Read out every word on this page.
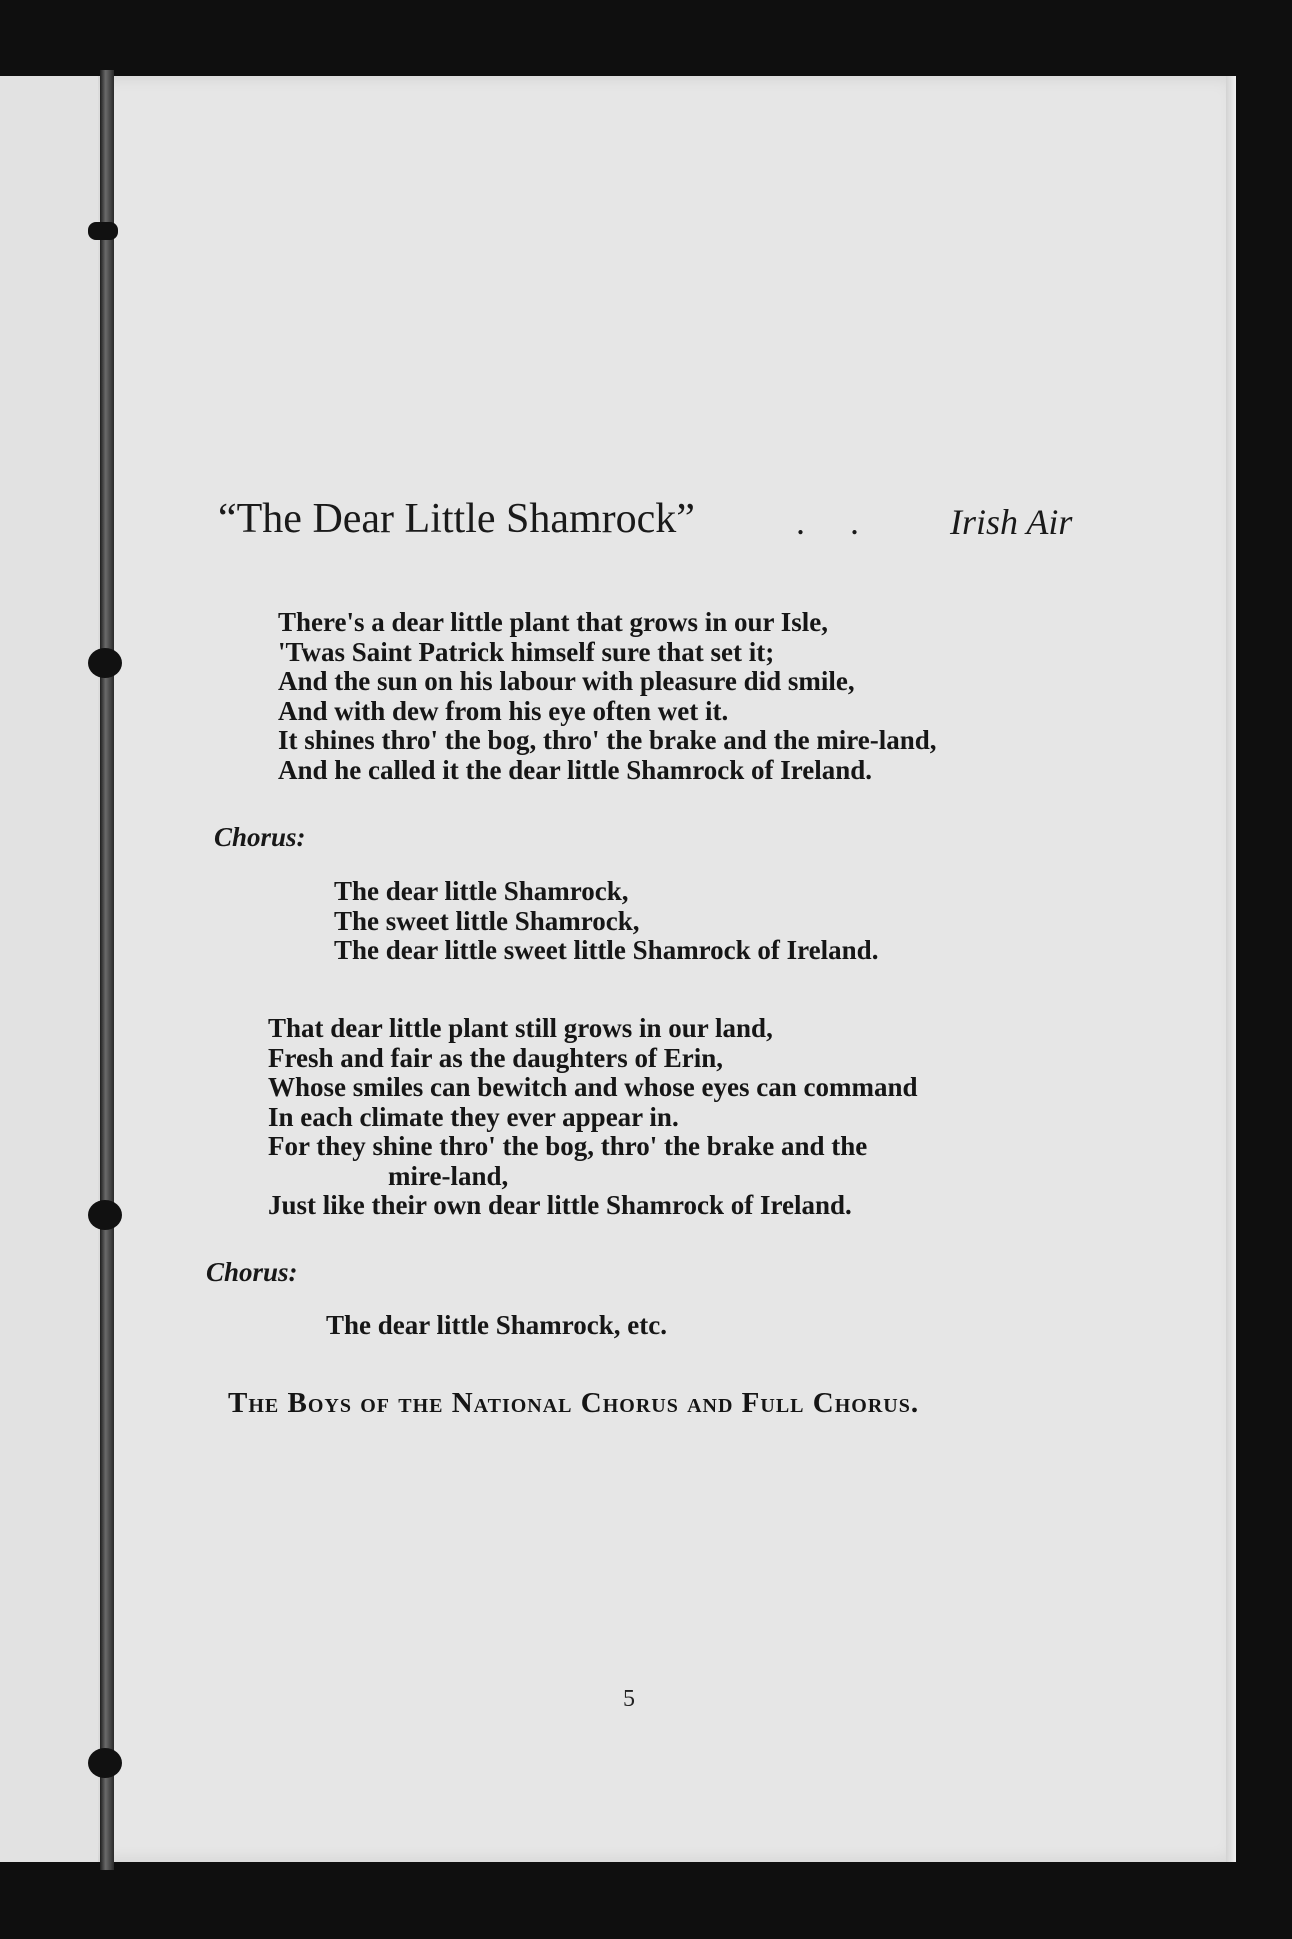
“The Dear Little Shamrock”	. . Irish Air
There's a dear little plant that grows in our Isle,
'Twas Saint Patrick himself sure that set it;
And the sun on his labour with pleasure did smile,
And with dew from his eye often wet it.
It shines thro' the bog, thro' the brake and the mire-land,
And he called it the dear little Shamrock of Ireland.
Chorus:
The dear little Shamrock,
The sweet little Shamrock,
The dear little sweet little Shamrock of Ireland.
That dear little plant still grows in our land,
Fresh and fair as the daughters of Erin,
Whose smiles can bewitch and whose eyes can command
In each climate they ever appear in.
For they shine thro' the bog, thro' the brake and the
mire-land,
Just like their own dear little Shamrock of Ireland.
Chorus:
The dear little Shamrock, etc.
The Boys of the National Chorus and Full Chorus.
5
